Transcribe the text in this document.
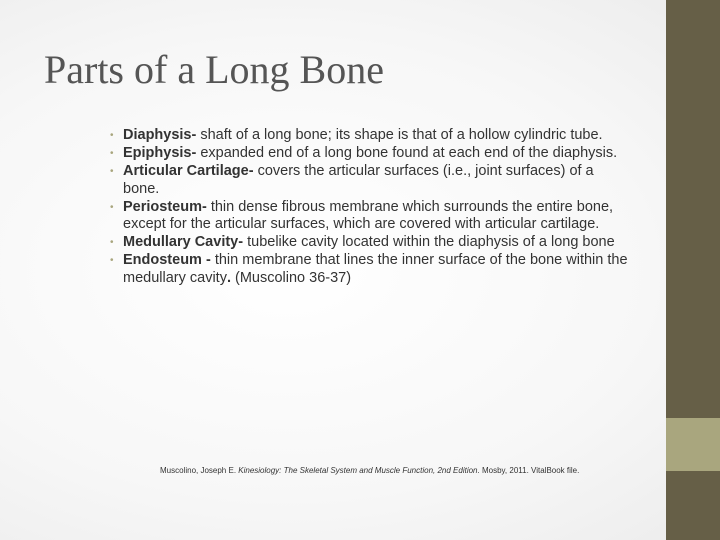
Parts of a Long Bone
• Diaphysis- shaft of a long bone; its shape is that of a hollow cylindric tube.
• Epiphysis- expanded end of a long bone found at each end of the diaphysis.
• Articular Cartilage- covers the articular surfaces (i.e., joint surfaces) of a bone.
• Periosteum- thin dense fibrous membrane which surrounds the entire bone, except for the articular surfaces, which are covered with articular cartilage.
• Medullary Cavity- tubelike cavity located within the diaphysis of a long bone
• Endosteum - thin membrane that lines the inner surface of the bone within the medullary cavity. (Muscolino 36-37)
Muscolino, Joseph E. Kinesiology: The Skeletal System and Muscle Function, 2nd Edition. Mosby, 2011. VitalBook file.
